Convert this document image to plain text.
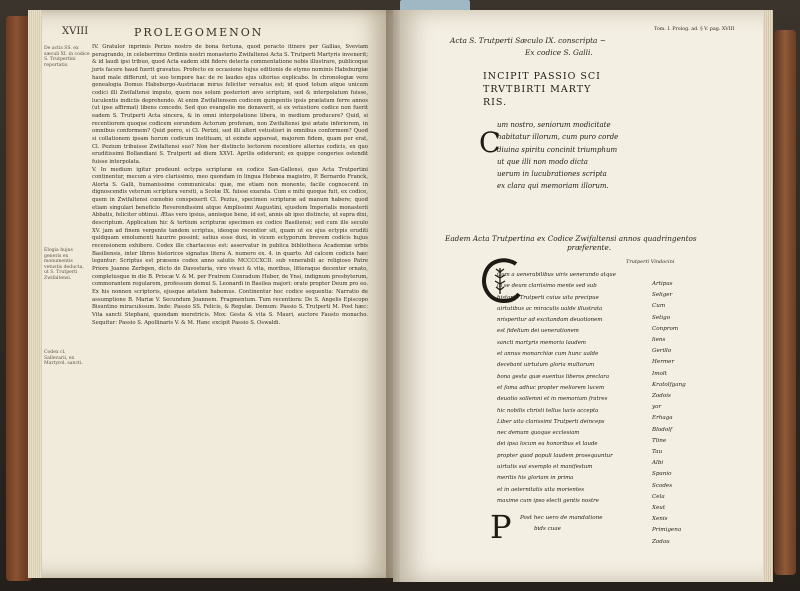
XVIII	PROLEGOMENON
De actis SS. ex sæculi XI. in codice S. Trutpertini reportatis.
Elogia hujus generis ex monumentis vetustis deducta, ut S. Trutperti Zwifaltensi.
Codex cl. Sallevarii, ex Martyrol. sancti.

IV. Gratulor inprimis Perizo nostro de bona fortuna, quod peracto itinere per Gallias, Sveviam peragrando, in celeberrimo Ordinis nostri monasterio Zwifaltensi Acta S. Trutperti Martyris invenerit; & id laudi ipsi tribuo, quod Acta eadem sibi fidere detecta commentatione nobis illustrare, publicoque juris facere haud fuerit gravatus. Profecto ex occasione hujus editionis de etymo nominis Habsburgiæ haud male differunt, ut suo tempore hac de re laudes ejus ulterius explicabo. In chronologiæ vero genealogia Domus Habsburgo-Austriacæ mirus feliciter versatus est; id quod totum atque unicum codici illi Zwifaltensi imputo, quem nos solum posteriori ævo scriptum, sed & interpolatum fuisse, luculentis indiciis deprehendo. At enim Zwifaltensem codicem quingentis ipsis prælatum ferre annos (ut ipse affirmat) libens concedo. Sed quo evangelio me donaverit, si ex vetustiore codice non fuerit eadem S. Trutperti Acta sincera, & in omni interpolatione libera, in medium producere? Quid, si recentiorem quoque codicem eorundem Actorum proferam, non Zwifaltensi ipsi ætate inferiorem, in omnibus conformem? Quid porro, si Cl. Perizii, sed illi alteri vetustiori in omnibus conformem? Quod si collationem ipsam horum codicum instituam, ut exinde appareat, majorem fidem, quam per erat, Cl. Pezium tribuisse Zwifaltensi suo? Non her distincto lectorem recentiore alterius codicis, ex quo eruditissimi Bollandiani S. Trutperti ad diem XXVI. Aprilis ediderunt; ex quippe congeries ostendit fuisse interpolata.

V. In medium igitur prodeunt ectypa scripturæ ex codice San-Gallensi, quo Acta Trutpertini continentur, mecum a viro clarissimo, meo quondam in lingua Hebræa magistro, P. Bernardo Franck, Alorta S. Galli, humanissime communicata: quæ, me etiam non monente, facile cognoscent in dignoscendis veterum scriptura versiti, a Scolæ IX. fuisse exarata. Cum e mihi quoque fuit, ex codice, quem in Zwifaltensi cœnobio conspexerit Cl. Pezius, specimen scripturæ ad manum habere; quod etiam singulari beneficio Reverendissimi atque Amplissimi Augustini, ejusdem Imperialis monasterii Abbatis, feliciter obtinui. Ætas vero ipsius, annisque bene, id est, annis ab ipso distincte, ut supra dixi, descriptum. Applicatum hic & tertium scripturæ specimen ex codice Basiliensi; sed cum ille seculo XV. jam ad finem vergente tandem scriptus, ideoque recentior sit, quam ut ex ejus ectypis eruditi quidquam emolumenti haurire possint; satius esse duxi, in vicem ectyporum brevem codicis hujus recensionem exhibere. Codex ille chartaceus est: asservatur in publica bibliotheca Academiæ urbis Basiliensis, inter libros historicos signatus litera A. numero ex. 4. in quarto. Ad calcem codicis hæc leguntur: Scriptus est præsens codex anno salutis MCCCCXCII. sub venerabili ac religioso Patre Priore Joanne Zerbgen, dicto de Davosturia, viro vivaci & vita, moribus, litteraque decenter ornato, completusque in die B. Priscæ V. & M. per Fratrem Conradum Huber, de Ynsi, indignum presbyterum, commorantem regularem, professum domui S. Leonardi in Basilea majori: orate propter Deum pro eo. Ex his nonnen scriptoris, ejusque ætatem habemus. Continentur hoc codice sequentia: Narratio de assumptione B. Mariæ V. Secundum Joannem. Fragmentum. Tum recentiora: De S. Angelis Episcopo Bisuntino miraculosum. Inde: Passio SS. Felicis, & Regulæ. Demum: Passio S. Trutperti M. Post hæc: Vita sancti Stephani, quondam meretricis. Mox: Gesta & vita S. Mauri, auctore Fausto monacho. Sequitur: Passio S. Apollinaris V. & M. Hanc excipit Passio S. Oswaldi.

Tom. I. Prolog. ad. § V. pag. XVIII
Acta S. Trutperti Sæculo IX. conscripta ~
Ex codice S. Galli.
INCIPIT PASSIO SCI
TRVTBIRTI MARTY
RIS.
C
um nostro, seniorum modicitate
habitatur illorum, cum puro corde
diuina spiritu concinit triumphum
ut que illi non modo dicta
uerum in lucubrationes scripta
ex clara qui memoriam illorum.
Eadem Acta Trutpertina ex Codice Zwifaltensi annos quadringentos
præferente.
Trutperti Vindocini
Cum a uenerabilibus uiris uenerando atque
in se deum clariisimo mente sed sub
historia Trutperti cuius uita precipue
uirtutibus ac miraculis ualde illustrata
nrisperitur ad excitandam deuotionem
est fidelium dei uenerationem
sancti martyris memoria laudem
et annus monarchiæ cum hunc ualde
decebant uirtutum gloria multorum
bona gesta quæ euentus liberos preclara
et fama adhuc propter meliorem lucem
deuotio sollemni et in memoriam fratres
hic nobilis christi tellus lucis accepta
Liber uita clarissimi Trutperti deinceps
nec demum quoque ecclesiam
dei ipsa locum ea honoribus et laude
propter quod populi laudem prosequuntur
uirtutis sui exemplo et manifestum
meritis his gloriam in prima
et in aeternitatis uita morientes
maxime cum ipso electi gentis nostre
Artipas
Seliger
Cum
Setigo
Conprom
liens
Gerillo
Hermer
Imolt
Kratolfgang
Zodois
yor
Erhaga
Blodolf
Tline
Tau
Albi
Spanio
Scodes
Cela
Xeut
Xenis
Primigena
Zodau
P Post hec uero de mandatione
bids cuae
